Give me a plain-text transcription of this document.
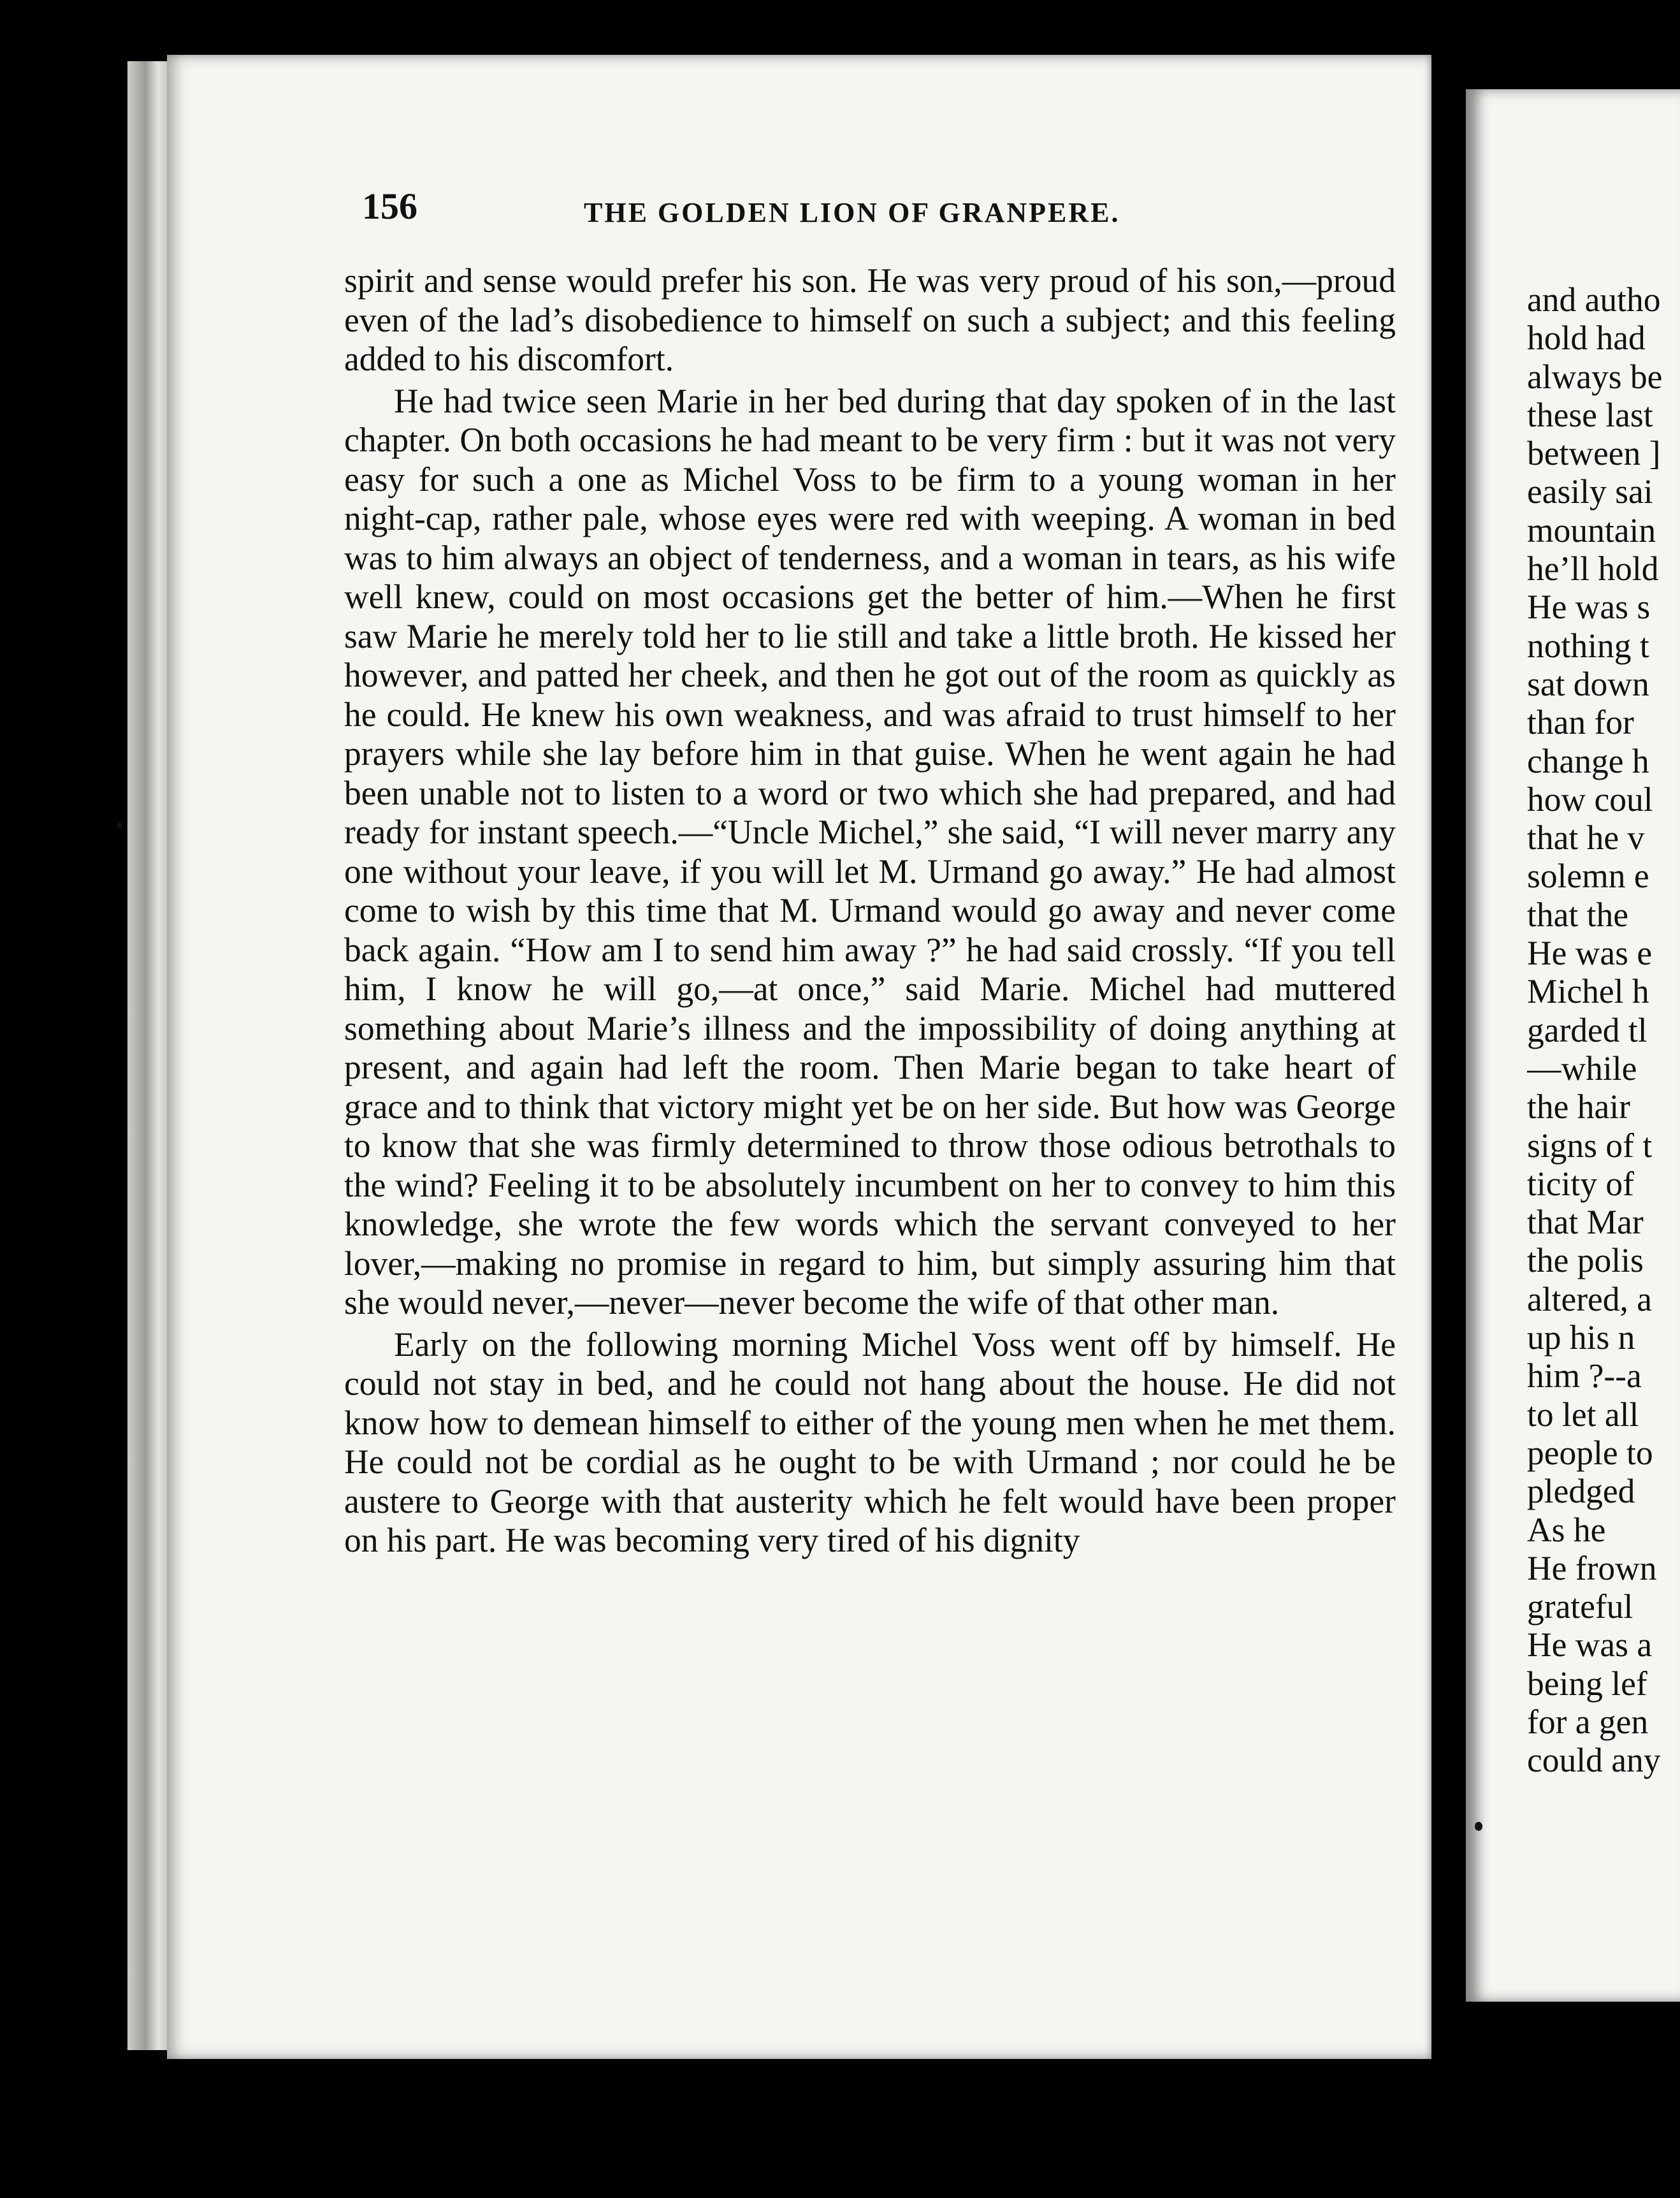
156	THE GOLDEN LION OF GRANPERE.

spirit and sense would prefer his son. He was very proud of his son,—proud even of the lad’s disobedience to himself on such a subject; and this feeling added to his discomfort.

He had twice seen Marie in her bed during that day spoken of in the last chapter. On both occasions he had meant to be very firm : but it was not very easy for such a one as Michel Voss to be firm to a young woman in her night-cap, rather pale, whose eyes were red with weeping. A woman in bed was to him always an object of tenderness, and a woman in tears, as his wife well knew, could on most occasions get the better of him.—When he first saw Marie he merely told her to lie still and take a little broth. He kissed her however, and patted her cheek, and then he got out of the room as quickly as he could. He knew his own weakness, and was afraid to trust himself to her prayers while she lay before him in that guise. When he went again he had been unable not to listen to a word or two which she had prepared, and had ready for instant speech.—“Uncle Michel,” she said, “I will never marry any one without your leave, if you will let M. Urmand go away.” He had almost come to wish by this time that M. Urmand would go away and never come back again. “How am I to send him away ?” he had said crossly. “If you tell him, I know he will go,—at once,” said Marie. Michel had muttered something about Marie’s illness and the impossibility of doing anything at present, and again had left the room. Then Marie began to take heart of grace and to think that victory might yet be on her side. But how was George to know that she was firmly determined to throw those odious betrothals to the wind? Feeling it to be absolutely incumbent on her to convey to him this knowledge, she wrote the few words which the servant conveyed to her lover,—making no promise in regard to him, but simply assuring him that she would never,—never—never become the wife of that other man.

Early on the following morning Michel Voss went off by himself. He could not stay in bed, and he could not hang about the house. He did not know how to demean himself to either of the young men when he met them. He could not be cordial as he ought to be with Urmand ; nor could he be austere to George with that austerity which he felt would have been proper on his part. He was becoming very tired of his dignity

and autho
hold had
always be
these last
between ]
easily sai
mountain
he’ll hold
He was s
nothing t
sat down
than for
change h
how coul
that he v
solemn e
that the
He was e
Michel h
garded tl
—while
the hair
signs of t
ticity of
that Mar
the polis
altered, a
up his n
him ?--a
to let all
people to
pledged
As he
He frown
grateful
He was a
being lef
for a gen
could any
